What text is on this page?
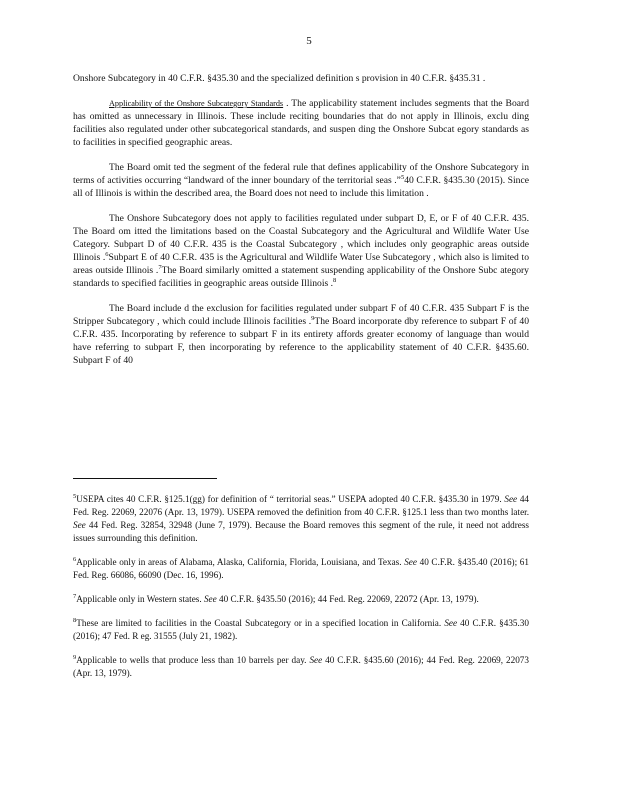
5

Onshore Subcategory in 40 C.F.R. §435.30 and the specialized definition s provision in 40 C.F.R. §435.31 .

Applicability of the Onshore Subcategory Standards . The applicability statement includes segments that the Board has omitted as unnecessary in Illinois. These include reciting boundaries that do not apply in Illinois, exclu ding facilities also regulated under other subcategorical standards, and suspen ding the Onshore Subcat egory standards as to facilities in specified geographic areas.

The Board omit ted the segment of the federal rule that defines applicability of the Onshore Subcategory in terms of activities occurring “landward of the inner boundary of the territorial seas .”$^5$40 C.F.R. §435.30 (2015). Since all of Illinois is within the described area, the Board does not need to include this limitation .

The Onshore Subcategory does not apply to facilities regulated under subpart D, E, or F of 40 C.F.R. 435. The Board om itted the limitations based on the Coastal Subcategory and the Agricultural and Wildlife Water Use Category. Subpart D of 40 C.F.R. 435 is the Coastal Subcategory , which includes only geographic areas outside Illinois .$^6$Subpart E of 40 C.F.R. 435 is the Agricultural and Wildlife Water Use Subcategory , which also is limited to areas outside Illinois .$^7$The Board similarly omitted a statement suspending applicability of the Onshore Subc ategory standards to specified facilities in geographic areas outside Illinois .$^8$

The Board include d the exclusion for facilities regulated under subpart F of 40 C.F.R. 435 Subpart F is the Stripper Subcategory , which could include Illinois facilities .$^9$The Board incorporate dby reference to subpart F of 40 C.F.R. 435. Incorporating by reference to subpart F in its entirety affords greater economy of language than would have referring to subpart F, then incorporating by reference to the applicability statement of 40 C.F.R. §435.60. Subpart F of 40

$^5$USEPA cites 40 C.F.R. §125.1(gg) for definition of “ territorial seas.” USEPA adopted 40 C.F.R. §435.30 in 1979. See 44 Fed. Reg. 22069, 22076 (Apr. 13, 1979). USEPA removed the definition from 40 C.F.R. §125.1 less than two months later. See 44 Fed. Reg. 32854, 32948 (June 7, 1979). Because the Board removes this segment of the rule, it need not address issues surrounding this definition.

$^6$Applicable only in areas of Alabama, Alaska, California, Florida, Louisiana, and Texas. See 40 C.F.R. §435.40 (2016); 61 Fed. Reg. 66086, 66090 (Dec. 16, 1996).

$^7$Applicable only in Western states. See 40 C.F.R. §435.50 (2016); 44 Fed. Reg. 22069, 22072 (Apr. 13, 1979).

$^8$These are limited to facilities in the Coastal Subcategory or in a specified location in California. See 40 C.F.R. §435.30 (2016); 47 Fed. R eg. 31555 (July 21, 1982).

$^9$Applicable to wells that produce less than 10 barrels per day. See 40 C.F.R. §435.60 (2016); 44 Fed. Reg. 22069, 22073 (Apr. 13, 1979).
